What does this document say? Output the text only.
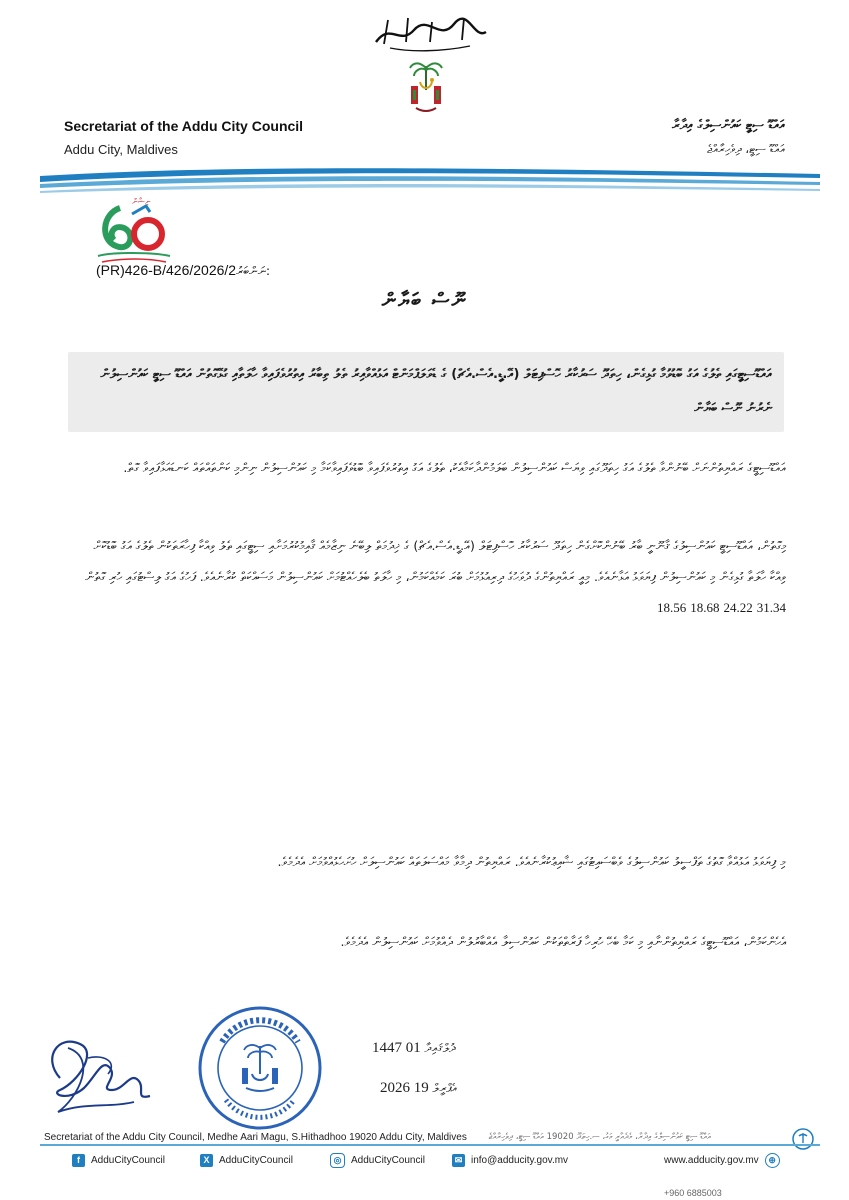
Secretariat of the Addu City Council
Addu City, Maldives
އައްޑޫ ސިޓީ ކައުންސިލްގެ އިދާރާ
އައްޑޫ ސިޓީ، ދިވެހިރާއްޖެ
ނިޝާން
(PR)426-B/426/2026/2ނަންބަރު:
ނޫސް ބަޔާން
އައްޑޫސިޓީގައި ތެލުގެ އަގު ބޮޑުވުމާ ގުޅިގެން، ހިތަދޫ ސަރުކާރު ހޮސްޕިޓަލް (އޭ.ޑީ.އެސް.އެޗް) ގެ ޑެވަލަޕްމަންޓް އަޅުއްވާއިރު ތެލު ތިބާރު އިތުރުވެފައިވާ ހާލަތާއި ގުޅޭގޮތުން އައްޑޫ ސިޓީ ކައުންސިލުން ނެރުނު ނޫސް ބަޔާން
އައްޑޫސިޓީގެ ރައްޔިތުންނަށް ބޭނުންވާ ތެލުގެ އަގު ހިތަދޫގައި ވިޔަސް ކައުންސިލުން ބަލަމުންދާކަމާއެކު، ތެލުގެ އަގު އިތުރުވެފައިވާ ބޮޑުވެފައިވާކަމާ މި ކައުންސިލުން ނިންމި ކަންތައްތައް ކަނޑައަޅާފައިވާ ގޮތް.
މިގޮތުން، އައްޑޫސިޓީ ކައުންސިލުގެ ޤާނޫނީ ބާރު ބޭނުންކޮށްގެން ހިތަދޫ ސަރުކާރު ހޮސްޕިޓަލް (އޭ.ޑީ.އެސް.އެޗް) ގެ ޚިދުމަތް ލިބޭނެ ނިޒާމެއް ޤާއިމުކުރުމަށާއި ސިޓީގައި ތެލު ވިއްކާ ފިހާރަތަކުން ތެލުގެ އަގު ބޮޑުކޮށް ވިއްކާ ހާލަތާ ގުޅިގެން މި ކައުންސިލުން ފިޔަވަޅު އަޅާނެއެވެ. މިއީ ރައްޔިތުންގެ ދުވަހުގެ ދިރިއުޅުމަށް ބުރަ ކަމެއްކަމުން، މި ހާލަތު ބެލެހެއްޓުމަށް ކައުންސިލުން މަސައްކަތް ކުރާނެއެވެ. ފަހުގެ އަގު ލިސްޓުގައި ހުރި ގޮތުން 18.56 18.68 24.22 31.34
މި ފިޔަވަޅު އަޅުއްވާ ގޮތުގެ ތަފްސީލު ކައުންސިލުގެ ވެބްސައިޓުގައި ޝާއިޢުކުރާނެއެވެ. ރައްޔިތުން ދިމާވާ މައްސަލަތައް ކައުންސިލަށް ހުށަހެޅުއްވުމަށް އެދެމެވެ.
އެހެންކަމުން، އައްޑޫސިޓީގެ ރައްޔިތުންނާއި މި ކަމާ ބެހޭ ހުރިހާ ފަރާތްތަކުން ކައުންސިލާ އެއްބާރުލުން ދެއްވުމަށް ކައުންސިލުން އެދެމެވެ.
1447 ޛުލްޤައިދާ 01
2026 އެޕްރީލް 19
Secretariat of the Addu City Council, Medhe Aari Magu, S.Hithadhoo 19020 Addu City, Maldives	އައްޑޫ ސިޓީ ކައުންސިލްގެ އިދާރާ، މެދެއާރީ މަގު، ސ.ހިތަދޫ 19020 އައްޑޫ ސިޓީ، ދިވެހިރާއްޖެ
f	AdduCityCouncil	X AdduCityCouncil	◎ AdduCityCouncil	✉ info@adducity.gov.mv	www.adducity.gov.mv	⊕
+960 6885003
